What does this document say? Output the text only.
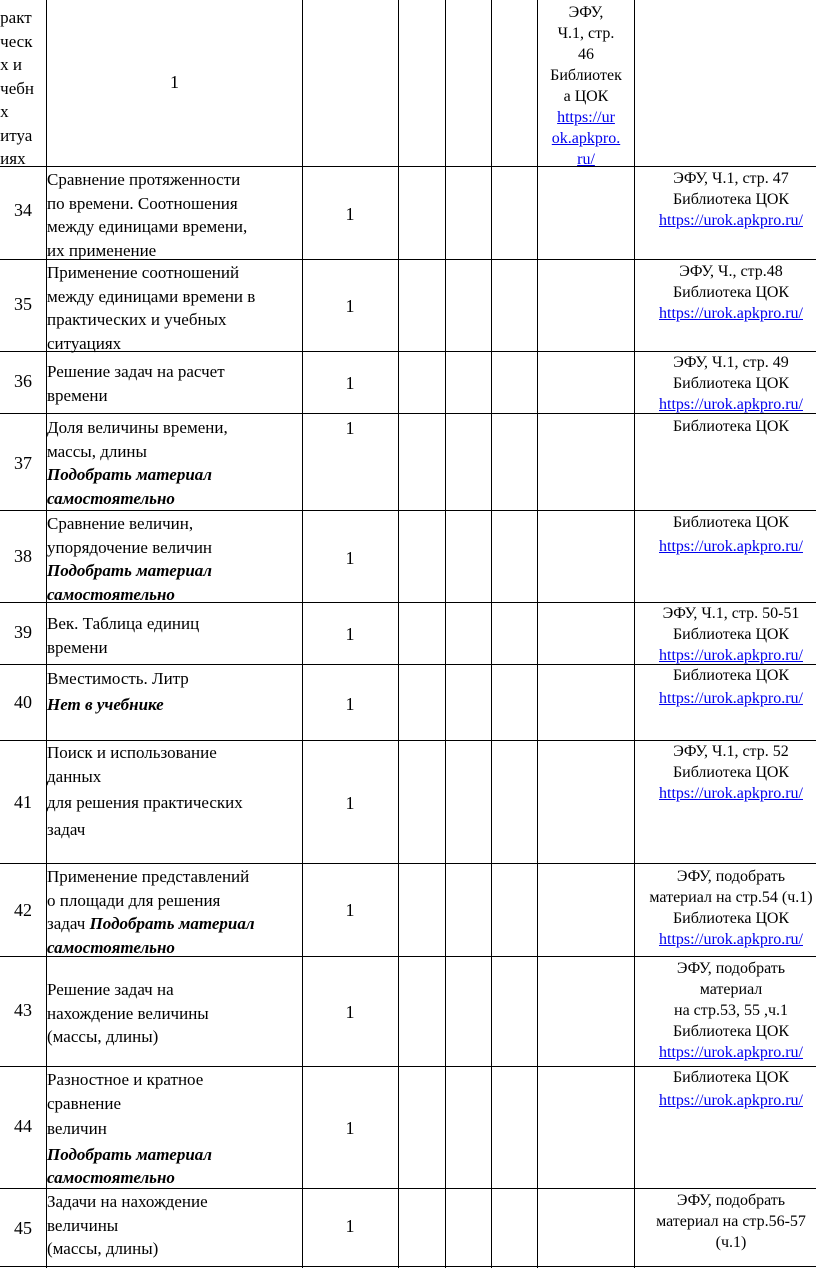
ракт
ческ
х и
чебн
х
итуа
иях
1
ЭФУ,
Ч.1, стр.
46
Библиотек
а ЦОК
https://ur
ok.apkpro.
ru/
34
Сравнение протяженности
по времени. Соотношения
между единицами времени,
их применение
1
ЭФУ, Ч.1, стр. 47
Библиотека ЦОК
https://urok.apkpro.ru/
35
Применение соотношений
между единицами времени в
практических и учебных
ситуациях
1
ЭФУ, Ч., стр.48
Библиотека ЦОК
https://urok.apkpro.ru/
36 Решение задач на расчет
времени
1
ЭФУ, Ч.1, стр. 49
Библиотека ЦОК
https://urok.apkpro.ru/
37
Доля величины времени,
массы, длины
Подобрать материал
самостоятельно
1	Библиотека ЦОК
38
Сравнение величин,
упорядочение величин
Подобрать материал
самостоятельно
1
Библиотека ЦОК
https://urok.apkpro.ru/
39 Век. Таблица единиц
времени
1
ЭФУ, Ч.1, стр. 50-51
Библиотека ЦОК
https://urok.apkpro.ru/
40
Вместимость. Литр
Нет в учебнике	1
Библиотека ЦОК
https://urok.apkpro.ru/
41
Поиск и использование
данных
для решения практических
задач
1
ЭФУ, Ч.1, стр. 52
Библиотека ЦОК
https://urok.apkpro.ru/
42
Применение представлений
о площади для решения
задач Подобрать материал
самостоятельно
1
ЭФУ, подобрать
материал на стр.54 (ч.1)
Библиотека ЦОК
https://urok.apkpro.ru/
43
Решение задач на
нахождение величины
(массы, длины)
1
ЭФУ, подобрать
материал
на стр.53, 55 ,ч.1
Библиотека ЦОК
https://urok.apkpro.ru/
44
Разностное и кратное
сравнение
величин
Подобрать материал
самостоятельно
1
Библиотека ЦОК
https://urok.apkpro.ru/
45
Задачи на нахождение
величины
(массы, длины)
1
ЭФУ, подобрать
материал на стр.56-57
(ч.1)
